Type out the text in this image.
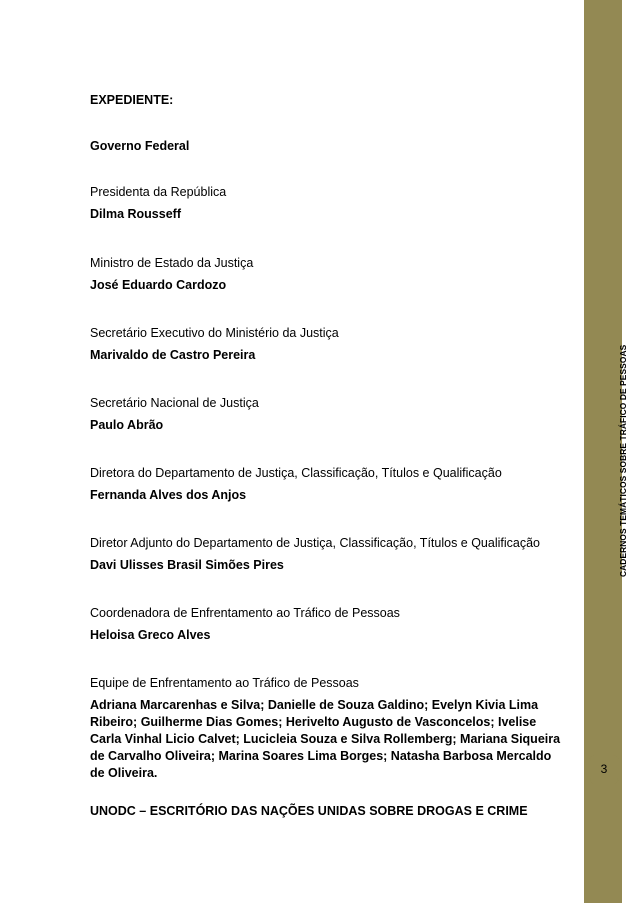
EXPEDIENTE:
Governo Federal
Presidenta da República
Dilma Rousseff
Ministro de Estado da Justiça
José Eduardo Cardozo
Secretário Executivo do Ministério da Justiça
Marivaldo de Castro Pereira
Secretário Nacional de Justiça
Paulo Abrão
Diretora do Departamento de Justiça, Classificação, Títulos e Qualificação
Fernanda Alves dos Anjos
Diretor Adjunto do Departamento de Justiça, Classificação, Títulos e Qualificação
Davi Ulisses Brasil Simões Pires
Coordenadora de Enfrentamento ao Tráfico de Pessoas
Heloisa Greco Alves
Equipe de Enfrentamento ao Tráfico de Pessoas
Adriana Marcarenhas e Silva; Danielle de Souza Galdino; Evelyn Kivia Lima
Ribeiro; Guilherme Dias Gomes; Herivelto Augusto de Vasconcelos; Ivelise
Carla Vinhal Licio Calvet; Lucicleia Souza e Silva Rollemberg; Mariana Siqueira
de Carvalho Oliveira; Marina Soares Lima Borges; Natasha Barbosa Mercaldo
de Oliveira.
UNODC – ESCRITÓRIO DAS NAÇÕES UNIDAS SOBRE DROGAS E CRIME
CADERNOS TEMÁTICOS SOBRE TRÁFICO DE PESSOAS
3
